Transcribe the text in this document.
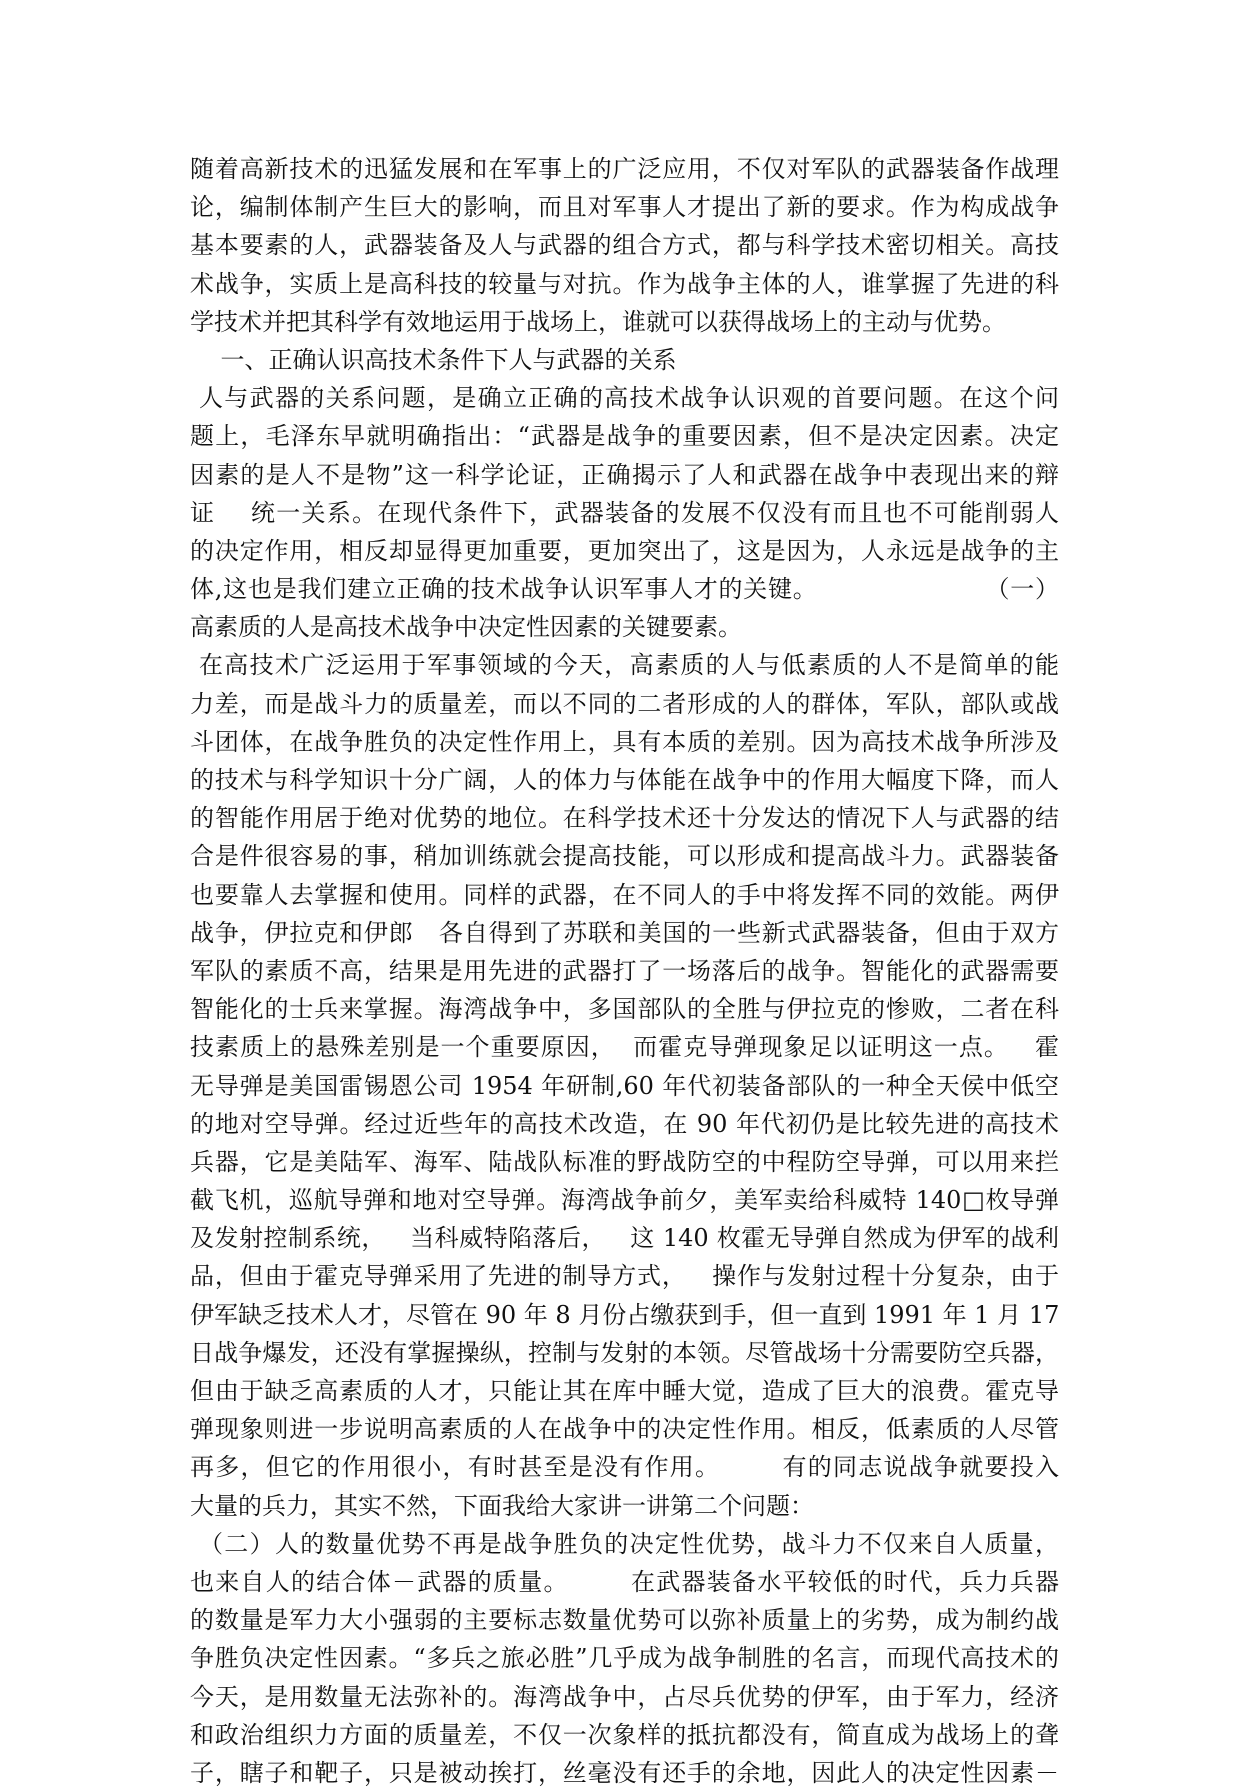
随着高新技术的迅猛发展和在军事上的广泛应用，不仅对军队的武器装备作战理
论，编制体制产生巨大的影响，而且对军事人才提出了新的要求。作为构成战争
基本要素的人，武器装备及人与武器的组合方式，都与科学技术密切相关。高技
术战争，实质上是高科技的较量与对抗。作为战争主体的人，谁掌握了先进的科
学技术并把其科学有效地运用于战场上，谁就可以获得战场上的主动与优势。
一、正确认识高技术条件下人与武器的关系
人与武器的关系问题，是确立正确的高技术战争认识观的首要问题。在这个问
题上，毛泽东早就明确指出：“武器是战争的重要因素，但不是决定因素。决定
因素的是人不是物”这一科学论证，正确揭示了人和武器在战争中表现出来的辩
证    统一关系。在现代条件下，武器装备的发展不仅没有而且也不可能削弱人
的决定作用，相反却显得更加重要，更加突出了，这是因为，人永远是战争的主
体,这也是我们建立正确的技术战争认识军事人才的关键。                    （一）
高素质的人是高技术战争中决定性因素的关键要素。
在高技术广泛运用于军事领域的今天，高素质的人与低素质的人不是简单的能
力差，而是战斗力的质量差，而以不同的二者形成的人的群体，军队，部队或战
斗团体，在战争胜负的决定性作用上，具有本质的差别。因为高技术战争所涉及
的技术与科学知识十分广阔，人的体力与体能在战争中的作用大幅度下降，而人
的智能作用居于绝对优势的地位。在科学技术还十分发达的情况下人与武器的结
合是件很容易的事，稍加训练就会提高技能，可以形成和提高战斗力。武器装备
也要靠人去掌握和使用。同样的武器，在不同人的手中将发挥不同的效能。两伊
战争，伊拉克和伊郎   各自得到了苏联和美国的一些新式武器装备，但由于双方
军队的素质不高，结果是用先进的武器打了一场落后的战争。智能化的武器需要
智能化的士兵来掌握。海湾战争中，多国部队的全胜与伊拉克的惨败，二者在科
技素质上的悬殊差别是一个重要原因，  而霍克导弹现象足以证明这一点。   霍
无导弹是美国雷锡恩公司 1954 年研制,60 年代初装备部队的一种全天侯中低空
的地对空导弹。经过近些年的高技术改造，在 90 年代初仍是比较先进的高技术
兵器，它是美陆军、海军、陆战队标准的野战防空的中程防空导弹，可以用来拦
截飞机，巡航导弹和地对空导弹。海湾战争前夕，美军卖给科威特 140□枚导弹
及发射控制系统，   当科威特陷落后，   这 140 枚霍无导弹自然成为伊军的战利
品，但由于霍克导弹采用了先进的制导方式，   操作与发射过程十分复杂，由于
伊军缺乏技术人才，尽管在 90 年 8 月份占缴获到手，但一直到 1991 年 1 月 17
日战争爆发，还没有掌握操纵，控制与发射的本领。尽管战场十分需要防空兵器，
但由于缺乏高素质的人才，只能让其在库中睡大觉，造成了巨大的浪费。霍克导
弹现象则进一步说明高素质的人在战争中的决定性作用。相反，低素质的人尽管
再多，但它的作用很小，有时甚至是没有作用。       有的同志说战争就要投入
大量的兵力，其实不然，下面我给大家讲一讲第二个问题：
（二）人的数量优势不再是战争胜负的决定性优势，战斗力不仅来自人质量，
也来自人的结合体－武器的质量。       在武器装备水平较低的时代，兵力兵器
的数量是军力大小强弱的主要标志数量优势可以弥补质量上的劣势，成为制约战
争胜负决定性因素。“多兵之旅必胜”几乎成为战争制胜的名言，而现代高技术的
今天，是用数量无法弥补的。海湾战争中，占尽兵优势的伊军，由于军力，经济
和政治组织力方面的质量差，不仅一次象样的抵抗都没有，简直成为战场上的聋
子，瞎子和靶子，只是被动挨打，丝毫没有还手的余地，因此人的决定性因素－
